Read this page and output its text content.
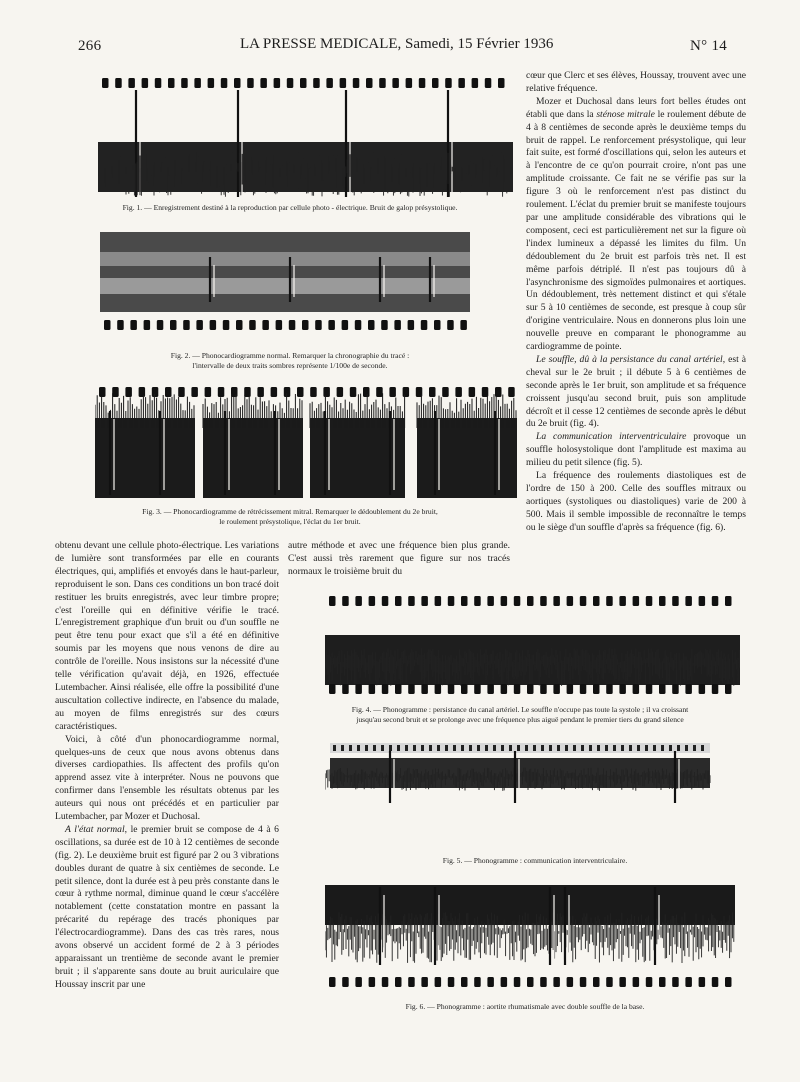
266	LA PRESSE MEDICALE, Samedi, 15 Février 1936	N° 14
Fig. 1. — Enregistrement destiné à la reproduction par cellule photo - électrique. Bruit de galop présystolique.
Fig. 2. — Phonocardiogramme normal. Remarquer la chronographie du tracé :
l'intervalle de deux traits sombres représente 1/100e de seconde.
Fig. 3. — Phonocardiogramme de rétrécissement mitral. Remarquer le dédoublement du 2e bruit,
le roulement présystolique, l'éclat du 1er bruit.

cœur que Clerc et ses élèves, Houssay, trouvent avec une relative fréquence.

Mozer et Duchosal dans leurs fort belles études ont établi que dans la sténose mitrale le roulement débute de 4 à 8 centièmes de seconde après le deuxième temps du bruit de rappel. Le renforcement présystolique, qui leur fait suite, est formé d'oscillations qui, selon les auteurs et à l'encontre de ce qu'on pourrait croire, n'ont pas une amplitude croissante. Ce fait ne se vérifie pas sur la figure 3 où le renforcement n'est pas distinct du roulement. L'éclat du premier bruit se manifeste toujours par une amplitude considérable des vibrations qui le composent, ceci est particulièrement net sur la figure où l'index lumineux a dépassé les limites du film. Un dédoublement du 2e bruit est parfois très net. Il est même parfois détriplé. Il n'est pas toujours dû à l'asynchronisme des sigmoïdes pulmonaires et aortiques. Un dédoublement, très nettement distinct et qui s'étale sur 5 à 10 centièmes de seconde, est presque à coup sûr d'origine ventriculaire. Nous en donnerons plus loin une nouvelle preuve en comparant le phonogramme au cardiogramme de pointe.

Le souffle, dû à la persistance du canal artériel, est à cheval sur le 2e bruit ; il débute 5 à 6 centièmes de seconde après le 1er bruit, son amplitude et sa fréquence croissent jusqu'au second bruit, puis son amplitude décroît et il cesse 12 centièmes de seconde après le début du 2e bruit (fig. 4).

La communication interventriculaire provoque un souffle holosystolique dont l'amplitude est maxima au milieu du petit silence (fig. 5).

La fréquence des roulements diastoliques est de l'ordre de 150 à 200. Celle des souffles mitraux ou aortiques (systoliques ou diastoliques) varie de 200 à 500. Mais il semble impossible de reconnaître le temps ou le siège d'un souffle d'après sa fréquence (fig. 6).

obtenu devant une cellule photo-électrique. Les variations de lumière sont transformées par elle en courants électriques, qui, amplifiés et envoyés dans le haut-parleur, reproduisent le son. Dans ces conditions un bon tracé doit restituer les bruits enregistrés, avec leur timbre propre; c'est l'oreille qui en définitive vérifie le tracé. L'enregistrement graphique d'un bruit ou d'un souffle ne peut être tenu pour exact que s'il a été en définitive soumis par les moyens que nous venons de dire au contrôle de l'oreille. Nous insistons sur la nécessité d'une telle vérification qu'avait déjà, en 1926, effectuée Lutembacher. Ainsi réalisée, elle offre la possibilité d'une auscultation collective indirecte, en l'absence du malade, au moyen de films enregistrés sur des cœurs caractéristiques.

Voici, à côté d'un phonocardiogramme normal, quelques-uns de ceux que nous avons obtenus dans diverses cardiopathies. Ils affectent des profils qu'on apprend assez vite à interpréter. Nous ne pouvons que confirmer dans l'ensemble les résultats obtenus par les auteurs qui nous ont précédés et en particulier par Lutembacher, par Mozer et Duchosal.

A l'état normal, le premier bruit se compose de 4 à 6 oscillations, sa durée est de 10 à 12 centièmes de seconde (fig. 2). Le deuxième bruit est figuré par 2 ou 3 vibrations doubles durant de quatre à six centièmes de seconde. Le petit silence, dont la durée est à peu près constante dans le cœur à rythme normal, diminue quand le cœur s'accélère notablement (cette constatation montre en passant la précarité du repérage des tracés phoniques par l'électrocardiogramme). Dans des cas très rares, nous avons observé un accident formé de 2 à 3 périodes apparaissant un trentième de seconde avant le premier bruit ; il s'apparente sans doute au bruit auriculaire que Houssay inscrit par une

autre méthode et avec une fréquence bien plus grande. C'est aussi très rarement que figure sur nos tracés normaux le troisième bruit du

Fig. 4. — Phonogramme : persistance du canal artériel. Le souffle n'occupe pas toute la systole ; il va croissant
jusqu'au second bruit et se prolonge avec une fréquence plus aiguë pendant le premier tiers du grand silence
Fig. 5. — Phonogramme : communication interventriculaire.
Fig. 6. — Phonogramme : aortite rhumatismale avec double souffle de la base.
